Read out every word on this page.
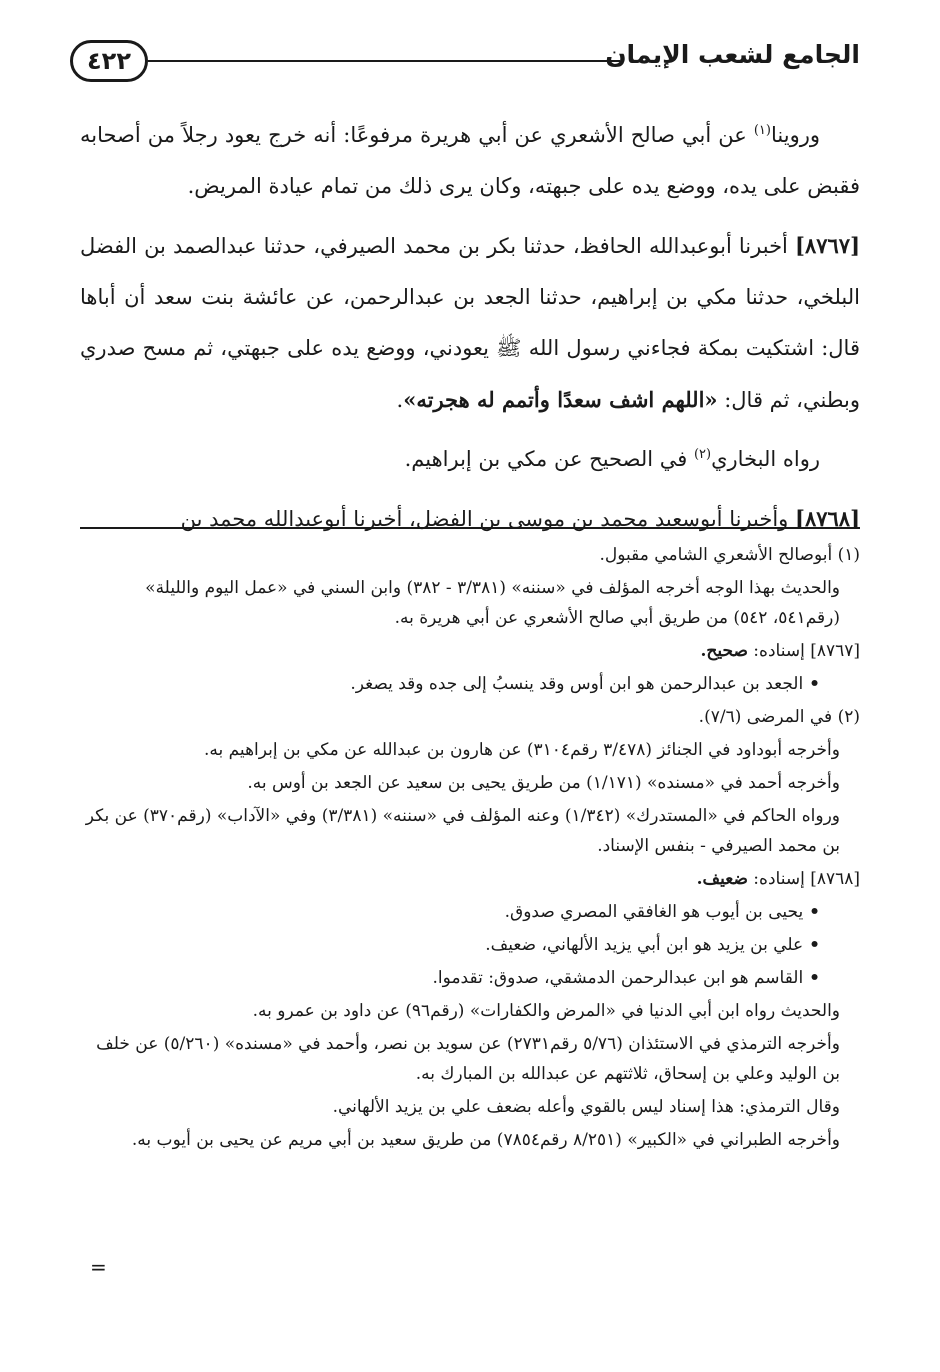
٤٢٢	الجامع لشعب الإيمان

وروينا$^{(١)}$ عن أبي صالح الأشعري عن أبي هريرة مرفوعًا: أنه خرج يعود رجلاً من أصحابه فقبض على يده، ووضع يده على جبهته، وكان يرى ذلك من تمام عيادة المريض.

[٨٧٦٧] أخبرنا أبوعبدالله الحافظ، حدثنا بكر بن محمد الصيرفي، حدثنا عبدالصمد بن الفضل البلخي، حدثنا مكي بن إبراهيم، حدثنا الجعد بن عبدالرحمن، عن عائشة بنت سعد أن أباها قال: اشتكيت بمكة فجاءني رسول الله ﷺ يعودني، ووضع يده على جبهتي، ثم مسح صدري وبطني، ثم قال: «اللهم اشف سعدًا وأتمم له هجرته».

رواه البخاري$^{(٢)}$ في الصحيح عن مكي بن إبراهيم.

[٨٧٦٨] وأخبرنا أبوسعيد محمد بن موسى بن الفضل، أخبرنا أبوعبدالله محمد بن

(١) أبوصالح الأشعري الشامي مقبول.

والحديث بهذا الوجه أخرجه المؤلف في «سننه» (٣/٣٨١ - ٣٨٢) وابن السني في «عمل اليوم والليلة» (رقم٥٤١، ٥٤٢) من طريق أبي صالح الأشعري عن أبي هريرة به.

[٨٧٦٧] إسناده: صحيح.

• الجعد بن عبدالرحمن هو ابن أوس وقد ينسبُ إلى جده وقد يصغر.

(٢) في المرضى (٧/٦).

وأخرجه أبوداود في الجنائز (٣/٤٧٨ رقم٣١٠٤) عن هارون بن عبدالله عن مكي بن إبراهيم به.

وأخرجه أحمد في «مسنده» (١/١٧١) من طريق يحيى بن سعيد عن الجعد بن أوس به.

ورواه الحاكم في «المستدرك» (١/٣٤٢) وعنه المؤلف في «سننه» (٣/٣٨١) وفي «الآداب» (رقم٣٧٠) عن بكر بن محمد الصيرفي - بنفس الإسناد.

[٨٧٦٨] إسناده: ضعيف.

• يحيى بن أيوب هو الغافقي المصري صدوق.

• علي بن يزيد هو ابن أبي يزيد الألهاني، ضعيف.

• القاسم هو ابن عبدالرحمن الدمشقي، صدوق: تقدموا.

والحديث رواه ابن أبي الدنيا في «المرض والكفارات» (رقم٩٦) عن داود بن عمرو به.

وأخرجه الترمذي في الاستئذان (٥/٧٦ رقم٢٧٣١) عن سويد بن نصر، وأحمد في «مسنده» (٥/٢٦٠) عن خلف بن الوليد وعلي بن إسحاق، ثلاثتهم عن عبدالله بن المبارك به.

وقال الترمذي: هذا إسناد ليس بالقوي وأعله بضعف علي بن يزيد الألهاني.

وأخرجه الطبراني في «الكبير» (٨/٢٥١ رقم٧٨٥٤) من طريق سعيد بن أبي مريم عن يحيى بن أيوب به.

=
